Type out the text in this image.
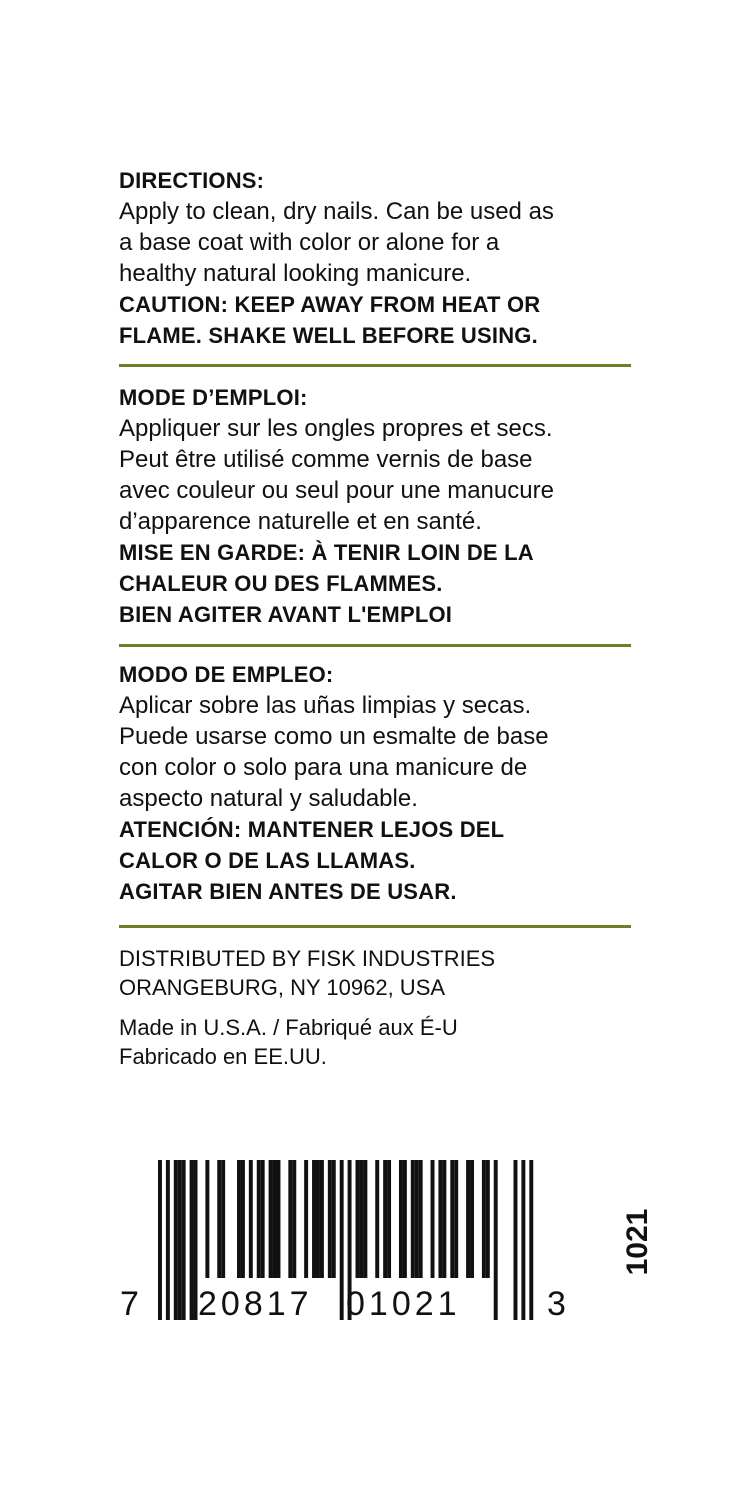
DIRECTIONS:

Apply to clean, dry nails. Can be used as

a base coat with color or alone for a

healthy natural looking manicure.

CAUTION: KEEP AWAY FROM HEAT OR

FLAME. SHAKE WELL BEFORE USING.

MODE D’EMPLOI:

Appliquer sur les ongles propres et secs.

Peut être utilisé comme vernis de base

avec couleur ou seul pour une manucure

d’apparence naturelle et en santé.

MISE EN GARDE: À TENIR LOIN DE LA

CHALEUR OU DES FLAMMES.

BIEN AGITER AVANT L'EMPLOI

MODO DE EMPLEO:

Aplicar sobre las uñas limpias y secas.

Puede usarse como un esmalte de base

con color o solo para una manicure de

aspecto natural y saludable.

ATENCIÓN: MANTENER LEJOS DEL

CALOR O DE LAS LLAMAS.

AGITAR BIEN ANTES DE USAR.

DISTRIBUTED BY FISK INDUSTRIES

ORANGEBURG, NY 10962, USA

Made in U.S.A. / Fabriqué aux É-U

Fabricado en EE.UU.

7 20817 01021	3
1021
